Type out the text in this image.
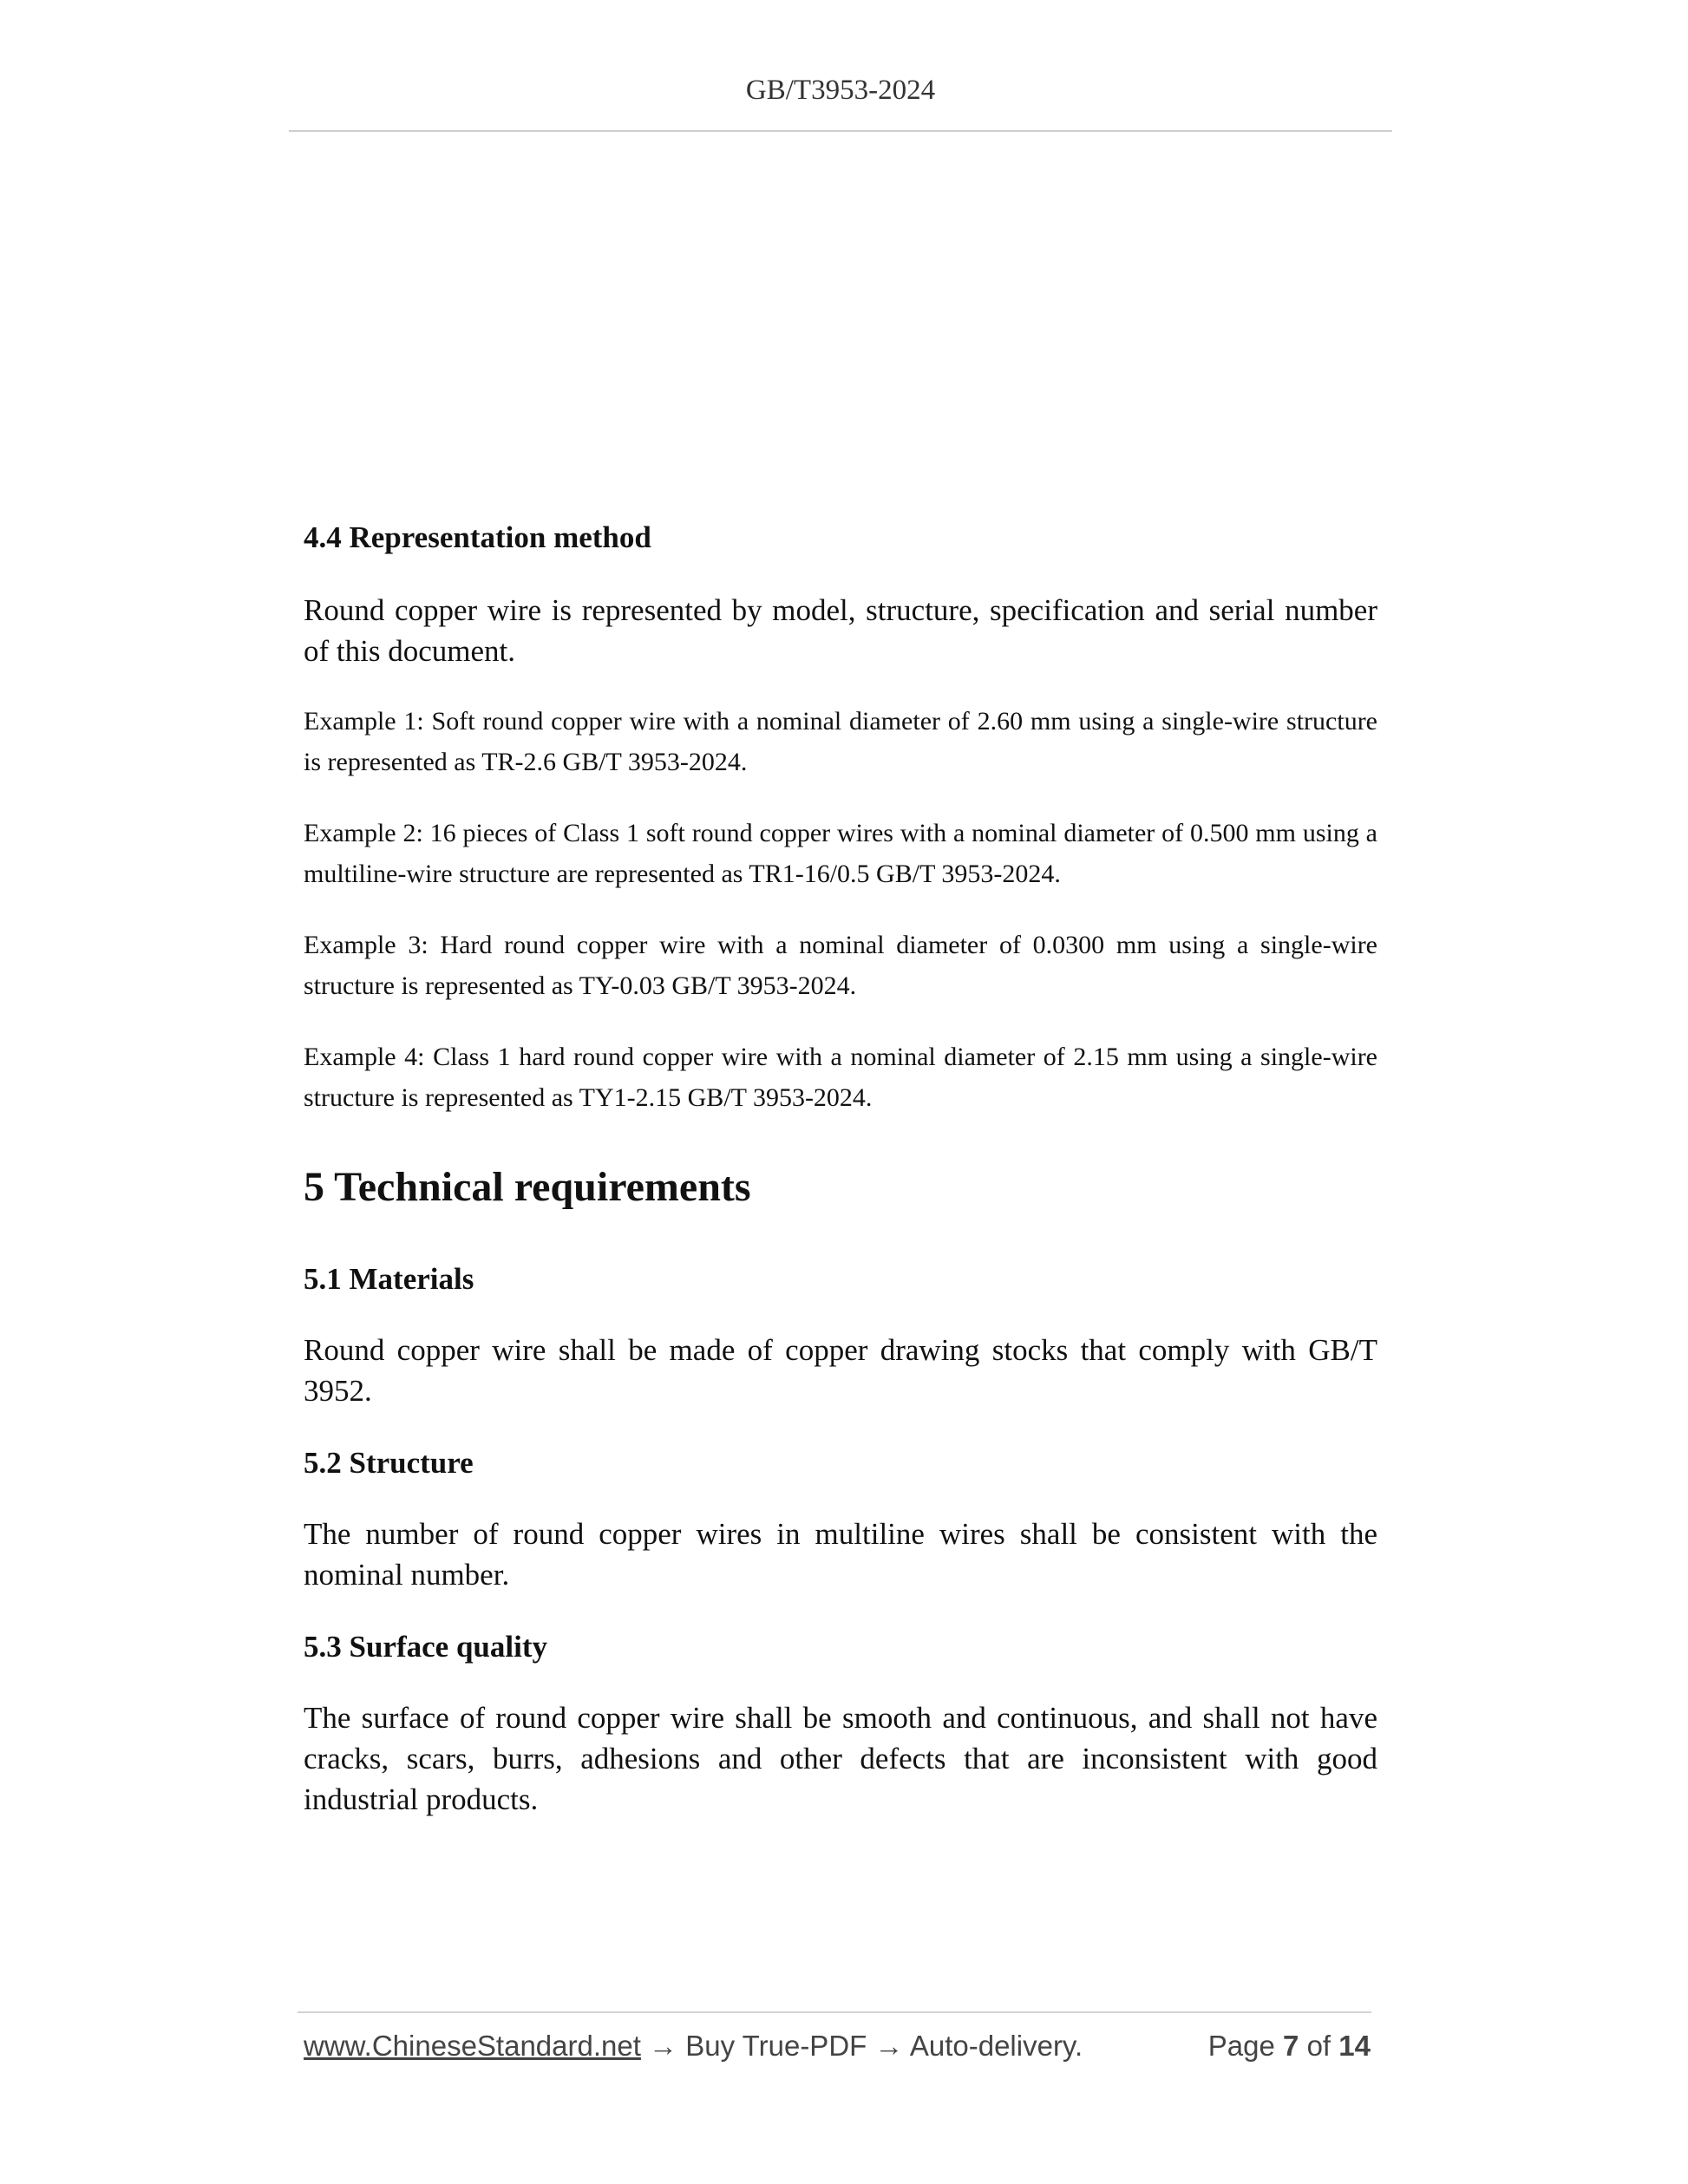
GB/T3953-2024
4.4 Representation method
Round copper wire is represented by model, structure, specification and serial number of this document.
Example 1: Soft round copper wire with a nominal diameter of 2.60 mm using a single-wire structure is represented as TR-2.6 GB/T 3953-2024.
Example 2: 16 pieces of Class 1 soft round copper wires with a nominal diameter of 0.500 mm using a multiline-wire structure are represented as TR1-16/0.5 GB/T 3953-2024.
Example 3: Hard round copper wire with a nominal diameter of 0.0300 mm using a single-wire structure is represented as TY-0.03 GB/T 3953-2024.
Example 4: Class 1 hard round copper wire with a nominal diameter of 2.15 mm using a single-wire structure is represented as TY1-2.15 GB/T 3953-2024.
5 Technical requirements
5.1 Materials
Round copper wire shall be made of copper drawing stocks that comply with GB/T 3952.
5.2 Structure
The number of round copper wires in multiline wires shall be consistent with the nominal number.
5.3 Surface quality
The surface of round copper wire shall be smooth and continuous, and shall not have cracks, scars, burrs, adhesions and other defects that are inconsistent with good industrial products.
www.ChineseStandard.net → Buy True-PDF → Auto-delivery.	Page 7 of 14
